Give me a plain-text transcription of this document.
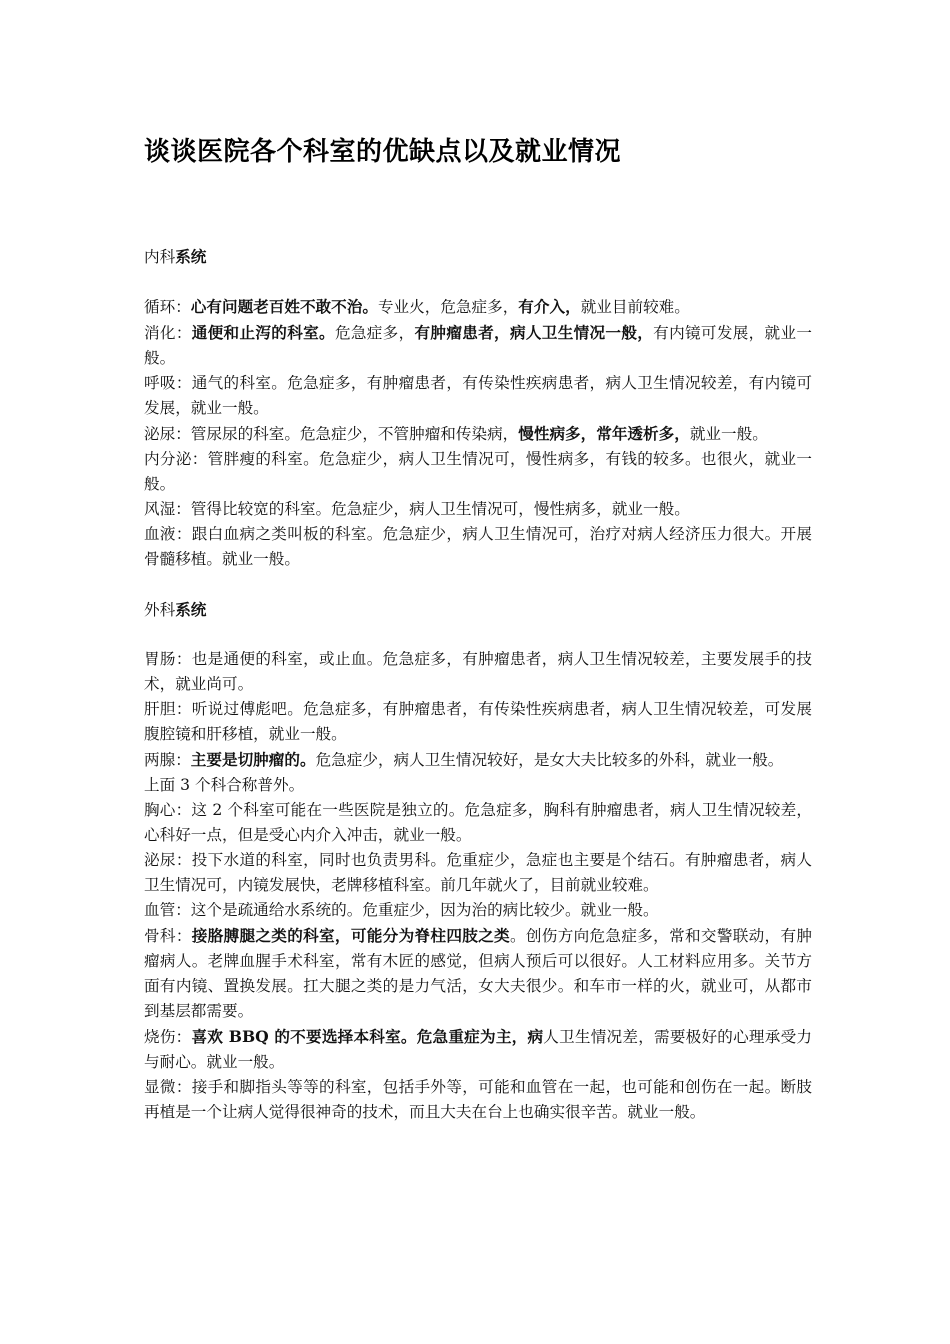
谈谈医院各个科室的优缺点以及就业情况
内科系统

循环：心有问题老百姓不敢不治。专业火，危急症多，有介入，就业目前较难。

消化：通便和止泻的科室。危急症多，有肿瘤患者，病人卫生情况一般，有内镜可发展，就业一般。

呼吸：通气的科室。危急症多，有肿瘤患者，有传染性疾病患者，病人卫生情况较差，有内镜可发展，就业一般。

泌尿：管尿尿的科室。危急症少，不管肿瘤和传染病，慢性病多，常年透析多，就业一般。

内分泌：管胖瘦的科室。危急症少，病人卫生情况可，慢性病多，有钱的较多。也很火，就业一般。

风湿：管得比较宽的科室。危急症少，病人卫生情况可，慢性病多，就业一般。

血液：跟白血病之类叫板的科室。危急症少，病人卫生情况可，治疗对病人经济压力很大。开展骨髓移植。就业一般。

外科系统

胃肠：也是通便的科室，或止血。危急症多，有肿瘤患者，病人卫生情况较差，主要发展手的技术，就业尚可。

肝胆：听说过傅彪吧。危急症多，有肿瘤患者，有传染性疾病患者，病人卫生情况较差，可发展腹腔镜和肝移植，就业一般。

两腺：主要是切肿瘤的。危急症少，病人卫生情况较好，是女大夫比较多的外科，就业一般。

上面 3 个科合称普外。

胸心：这 2 个科室可能在一些医院是独立的。危急症多，胸科有肿瘤患者，病人卫生情况较差，心科好一点，但是受心内介入冲击，就业一般。

泌尿：投下水道的科室，同时也负责男科。危重症少，急症也主要是个结石。有肿瘤患者，病人卫生情况可，内镜发展快，老牌移植科室。前几年就火了，目前就业较难。

血管：这个是疏通给水系统的。危重症少，因为治的病比较少。就业一般。

骨科：接胳膊腿之类的科室，可能分为脊柱四肢之类。创伤方向危急症多，常和交警联动，有肿瘤病人。老牌血腥手术科室，常有木匠的感觉，但病人预后可以很好。人工材料应用多。关节方面有内镜、置换发展。扛大腿之类的是力气活，女大夫很少。和车市一样的火，就业可，从都市到基层都需要。

烧伤：喜欢 BBQ 的不要选择本科室。危急重症为主，病人卫生情况差，需要极好的心理承受力与耐心。就业一般。

显微：接手和脚指头等等的科室，包括手外等，可能和血管在一起，也可能和创伤在一起。断肢再植是一个让病人觉得很神奇的技术，而且大夫在台上也确实很辛苦。就业一般。
